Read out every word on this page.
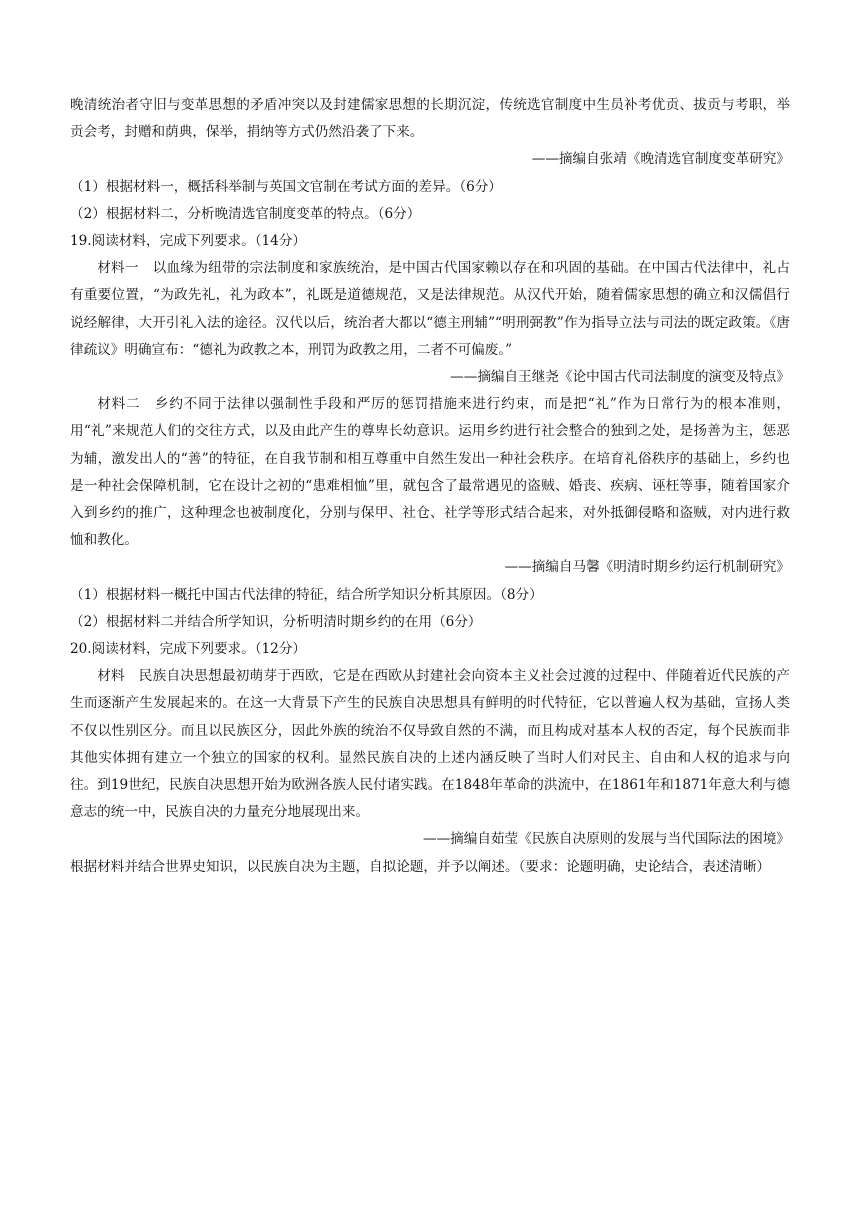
晚清统治者守旧与变革思想的矛盾冲突以及封建儒家思想的长期沉淀，传统选官制度中生员补考优贡、拔贡与考职，举贡会考，封赠和荫典，保举，捐纳等方式仍然沿袭了下来。

——摘编自张靖《晚清选官制度变革研究》

（1）根据材料一，概括科举制与英国文官制在考试方面的差异。（6分）

（2）根据材料二，分析晚清选官制度变革的特点。（6分）

19.阅读材料，完成下列要求。（14分）

材料一　以血缘为纽带的宗法制度和家族统治，是中国古代国家赖以存在和巩固的基础。在中国古代法律中，礼占有重要位置，“为政先礼，礼为政本”，礼既是道德规范，又是法律规范。从汉代开始，随着儒家思想的确立和汉儒倡行说经解律，大开引礼入法的途径。汉代以后，统治者大都以“德主刑辅”“明刑弼教”作为指导立法与司法的既定政策。《唐律疏议》明确宣布：“德礼为政教之本，刑罚为政教之用，二者不可偏废。”

——摘编自王继尧《论中国古代司法制度的演变及特点》

材料二　乡约不同于法律以强制性手段和严厉的惩罚措施来进行约束，而是把“礼”作为日常行为的根本准则，用“礼”来规范人们的交往方式，以及由此产生的尊卑长幼意识。运用乡约进行社会整合的独到之处，是扬善为主，惩恶为辅，激发出人的“善”的特征，在自我节制和相互尊重中自然生发出一种社会秩序。在培育礼俗秩序的基础上，乡约也是一种社会保障机制，它在设计之初的“患难相恤”里，就包含了最常遇见的盗贼、婚丧、疾病、诬枉等事，随着国家介入到乡约的推广，这种理念也被制度化，分别与保甲、社仓、社学等形式结合起来，对外抵御侵略和盗贼，对内进行救恤和教化。

——摘编自马馨《明清时期乡约运行机制研究》

（1）根据材料一概托中国古代法律的特征，结合所学知识分析其原因。（8分）

（2）根据材料二并结合所学知识，分析明清时期乡约的在用（6分）

20.阅读材料，完成下列要求。（12分）

材料　民族自决思想最初萌芽于西欧，它是在西欧从封建社会向资本主义社会过渡的过程中、伴随着近代民族的产生而逐渐产生发展起来的。在这一大背景下产生的民族自决思想具有鲜明的时代特征，它以普遍人权为基础，宣扬人类不仅以性别区分。而且以民族区分，因此外族的统治不仅导致自然的不满，而且构成对基本人权的否定，每个民族而非其他实体拥有建立一个独立的国家的权利。显然民族自决的上述内涵反映了当时人们对民主、自由和人权的追求与向往。到19世纪，民族自决思想开始为欧洲各族人民付诸实践。在1848年革命的洪流中，在1861年和1871年意大利与德意志的统一中，民族自决的力量充分地展现出来。

——摘编自茹莹《民族自决原则的发展与当代国际法的困境》

根据材料并结合世界史知识，以民族自决为主题，自拟论题，并予以阐述。（要求：论题明确，史论结合，表述清晰）
